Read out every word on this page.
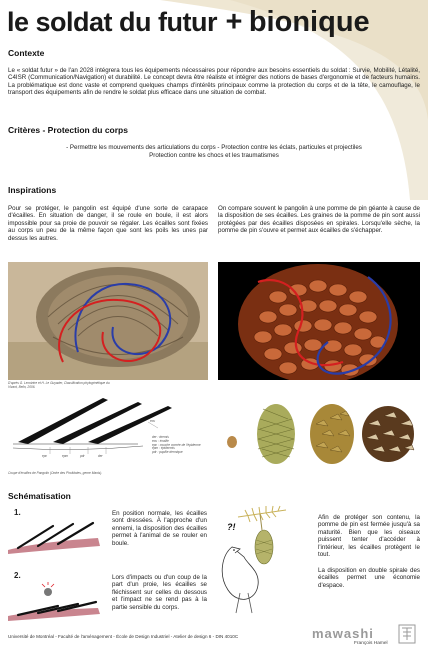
le soldat du futur + bionique
Contexte

Le « soldat futur » de l'an 2028 intégrera tous les équipements nécessaires pour répondre aux besoins essentiels du soldat : Survie, Mobilité, Létalité, C4ISR (Communication/Navigation) et durabilité. Le concept devra être réaliste et intégrer des notions de bases d'ergonomie et de facteurs humains. La problématique est donc vaste et comprend quelques champs d'intérêts principaux comme la protection du corps et de la tête, le camouflage, le transport des équipements afin de rendre le soldat plus efficace dans une situation de combat.

Critères - Protection du corps

- Permettre les mouvements des articulations du corps - Protection contre les éclats, particules et projectiles

Protection contre les chocs et les traumatismes

Inspirations

Pour se protéger, le pangolin est équipé d'une sorte de carapace d'écailles. En situation de danger, il se roule en boule, il est alors impossible pour sa proie de pouvoir se régaler. Les écailles sont fixées au corps un peu de la même façon que sont les poils les unes par dessus les autres.

On compare souvent le pangolin à une pomme de pin géante à cause de la disposition de ses écailles. Les graines de la pomme de pin sont aussi protégées par des écailles disposées en spirales. Lorsqu'elle sèche, la pomme de pin s'ouvre et permet aux écailles de s'échapper.

D'après G. Lecointre et H. Le Guyader, Classification phylogénétique du Vivant, Belin, 2006.
epc	epm	pdr	der
ecu
der : dermis
ecu : écaille
epc : couche cornée de l'épiderme
epm : épidermis
pdr : papille dermique
Coupe d'écailles de Pangolin (Ordre des Pholidotes, genre Manis).
Schématisation
1.
2.

En position normale, les écailles sont dressées. À l'approche d'un ennemi, la disposition des écailles permet à l'animal de se rouler en boule.

Lors d'impacts ou d'un coup de la part d'un proie, les écailles se fléchissent sur celles du dessous et l'impact ne se rend pas à la partie sensible du corps.

?!

Afin de protéger son contenu, la pomme de pin est fermée jusqu'à sa maturité. Bien que les oiseaux puissent tenter d'accéder à l'intérieur, les écailles protègent le tout.

La disposition en double spirale des écailles permet une économie d'espace.

Université de Montréal - Faculté de l'aménagement - École de Design Industriel - Atelier de design 6 - DIN 4010C	mawashi
François Hamel
